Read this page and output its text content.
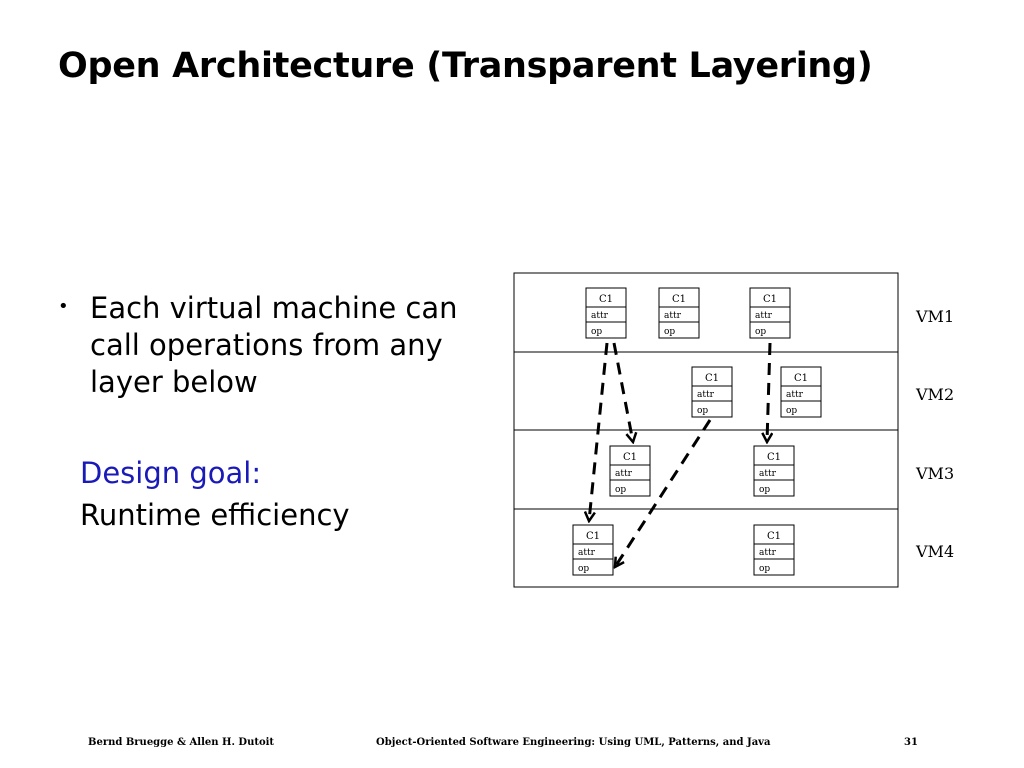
Open Architecture (Transparent Layering)
• Each virtual machine can call operations from any layer below
Design goal:
Runtime efficiency
C1
attr
op
C1
attr
op
C1
attr
op
C1
attr
op
C1
attr
op
C1
attr
op
C1
attr
op
C1
attr
op
C1
attr
op
VM1
VM2
VM3
VM4
Bernd Bruegge & Allen H. Dutoit	Object-Oriented Software Engineering: Using UML, Patterns, and Java	31
